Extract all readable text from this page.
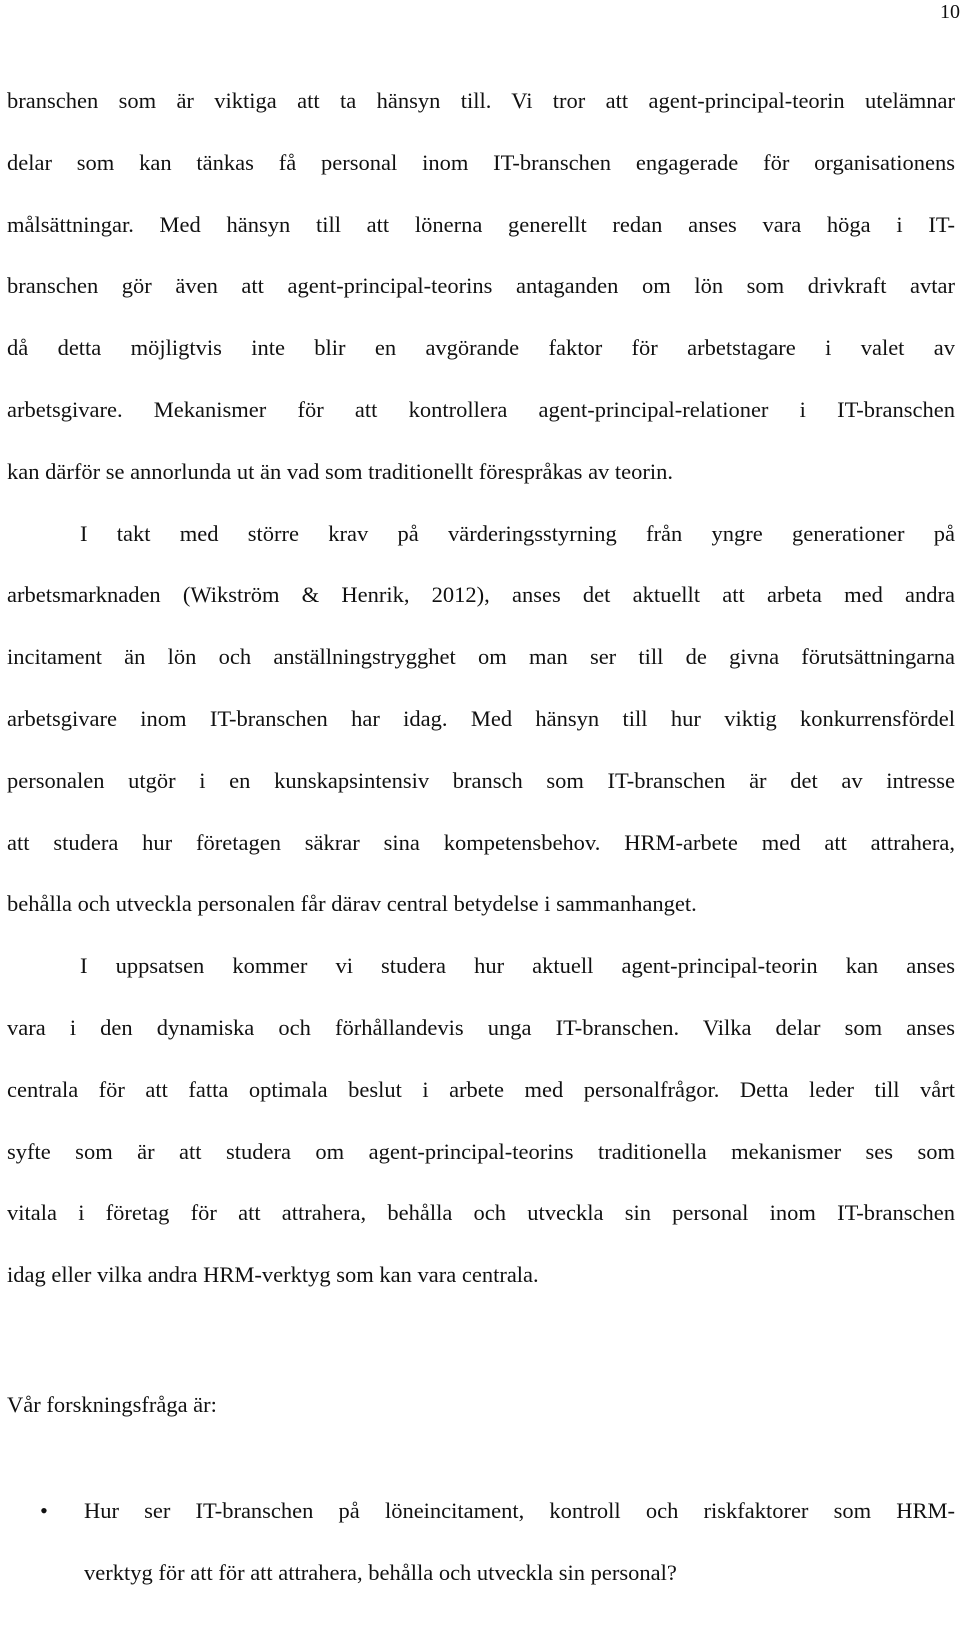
10
branschen som är viktiga att ta hänsyn till. Vi tror att agent-principal-teorin utelämnar
delar som kan tänkas få personal inom IT-branschen engagerade för organisationens
målsättningar. Med hänsyn till att lönerna generellt redan anses vara höga i IT-
branschen gör även att agent-principal-teorins antaganden om lön som drivkraft avtar
då detta möjligtvis inte blir en avgörande faktor för arbetstagare i valet av
arbetsgivare. Mekanismer för att kontrollera agent-principal-relationer i IT-branschen
kan därför se annorlunda ut än vad som traditionellt förespråkas av teorin.
I takt med större krav på värderingsstyrning från yngre generationer på
arbetsmarknaden (Wikström & Henrik, 2012), anses det aktuellt att arbeta med andra
incitament än lön och anställningstrygghet om man ser till de givna förutsättningarna
arbetsgivare inom IT-branschen har idag. Med hänsyn till hur viktig konkurrensfördel
personalen utgör i en kunskapsintensiv bransch som IT-branschen är det av intresse
att studera hur företagen säkrar sina kompetensbehov. HRM-arbete med att attrahera,
behålla och utveckla personalen får därav central betydelse i sammanhanget.
I uppsatsen kommer vi studera hur aktuell agent-principal-teorin kan anses
vara i den dynamiska och förhållandevis unga IT-branschen. Vilka delar som anses
centrala för att fatta optimala beslut i arbete med personalfrågor. Detta leder till vårt
syfte som är att studera om agent-principal-teorins traditionella mekanismer ses som
vitala i företag för att attrahera, behålla och utveckla sin personal inom IT-branschen
idag eller vilka andra HRM-verktyg som kan vara centrala.
Vår forskningsfråga är:
• Hur ser IT-branschen på löneincitament, kontroll och riskfaktorer som HRM-
verktyg för att för att attrahera, behålla och utveckla sin personal?
